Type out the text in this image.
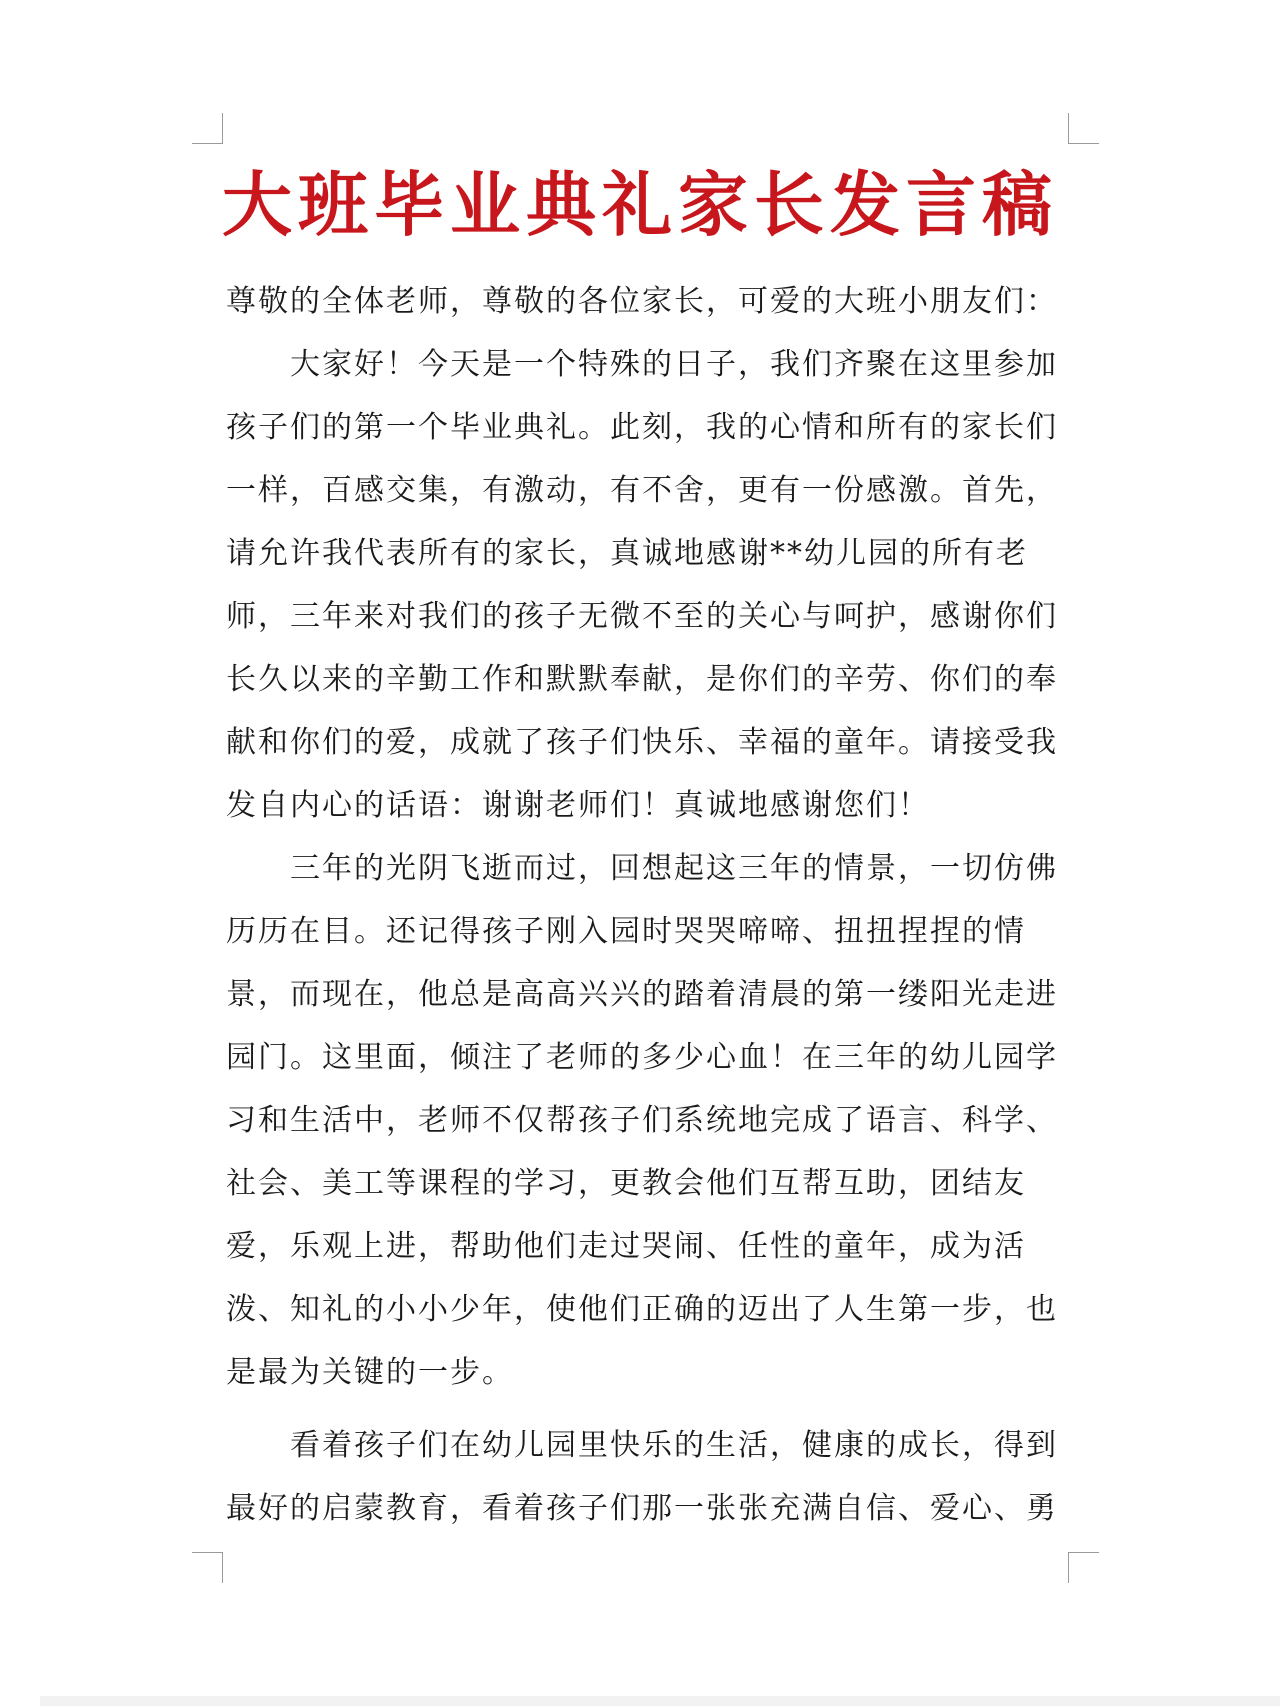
大班毕业典礼家长发言稿

尊敬的全体老师，尊敬的各位家长，可爱的大班小朋友们：

大家好！今天是一个特殊的日子，我们齐聚在这里参加孩子们的第一个毕业典礼。此刻，我的心情和所有的家长们一样，百感交集，有激动，有不舍，更有一份感激。首先，请允许我代表所有的家长，真诚地感谢**幼儿园的所有老师，三年来对我们的孩子无微不至的关心与呵护，感谢你们长久以来的辛勤工作和默默奉献，是你们的辛劳、你们的奉献和你们的爱，成就了孩子们快乐、幸福的童年。请接受我发自内心的话语：谢谢老师们！真诚地感谢您们！

三年的光阴飞逝而过，回想起这三年的情景，一切仿佛历历在目。还记得孩子刚入园时哭哭啼啼、扭扭捏捏的情景，而现在，他总是高高兴兴的踏着清晨的第一缕阳光走进园门。这里面，倾注了老师的多少心血！在三年的幼儿园学习和生活中，老师不仅帮孩子们系统地完成了语言、科学、社会、美工等课程的学习，更教会他们互帮互助，团结友爱，乐观上进，帮助他们走过哭闹、任性的童年，成为活泼、知礼的小小少年，使他们正确的迈出了人生第一步，也是最为关键的一步。

看着孩子们在幼儿园里快乐的生活，健康的成长，得到最好的启蒙教育，看着孩子们那一张张充满自信、爱心、勇
